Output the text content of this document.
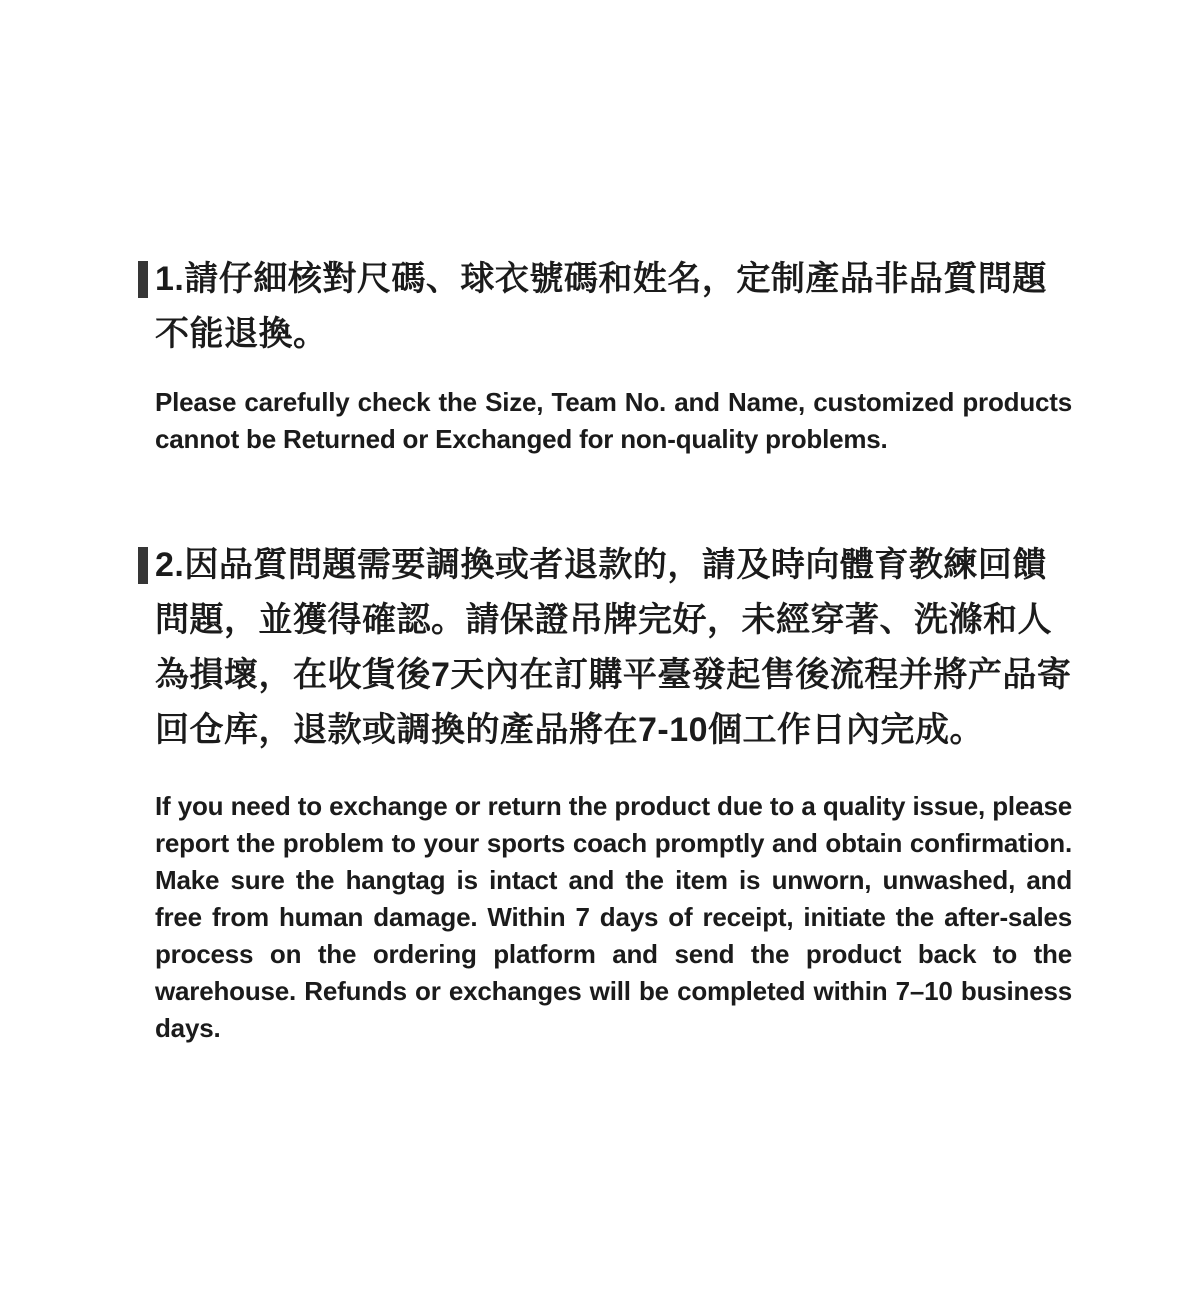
1.請仔細核對尺碼、球衣號碼和姓名，定制產品非品質問題不能退換。

Please carefully check the Size, Team No. and Name, customized products cannot be Returned or Exchanged for non-quality problems.

2.因品質問題需要調換或者退款的，請及時向體育教練回饋問題，並獲得確認。請保證吊牌完好，未經穿著、洗滌和人為損壞，在收貨後7天內在訂購平臺發起售後流程并將产品寄回仓库，退款或調換的產品將在7-10個工作日內完成。

If you need to exchange or return the product due to a quality issue, please report the problem to your sports coach promptly and obtain confirmation. Make sure the hangtag is intact and the item is unworn, unwashed, and free from human damage. Within 7 days of receipt, initiate the after-sales process on the ordering platform and send the product back to the warehouse. Refunds or exchanges will be completed within 7–10 business days.
